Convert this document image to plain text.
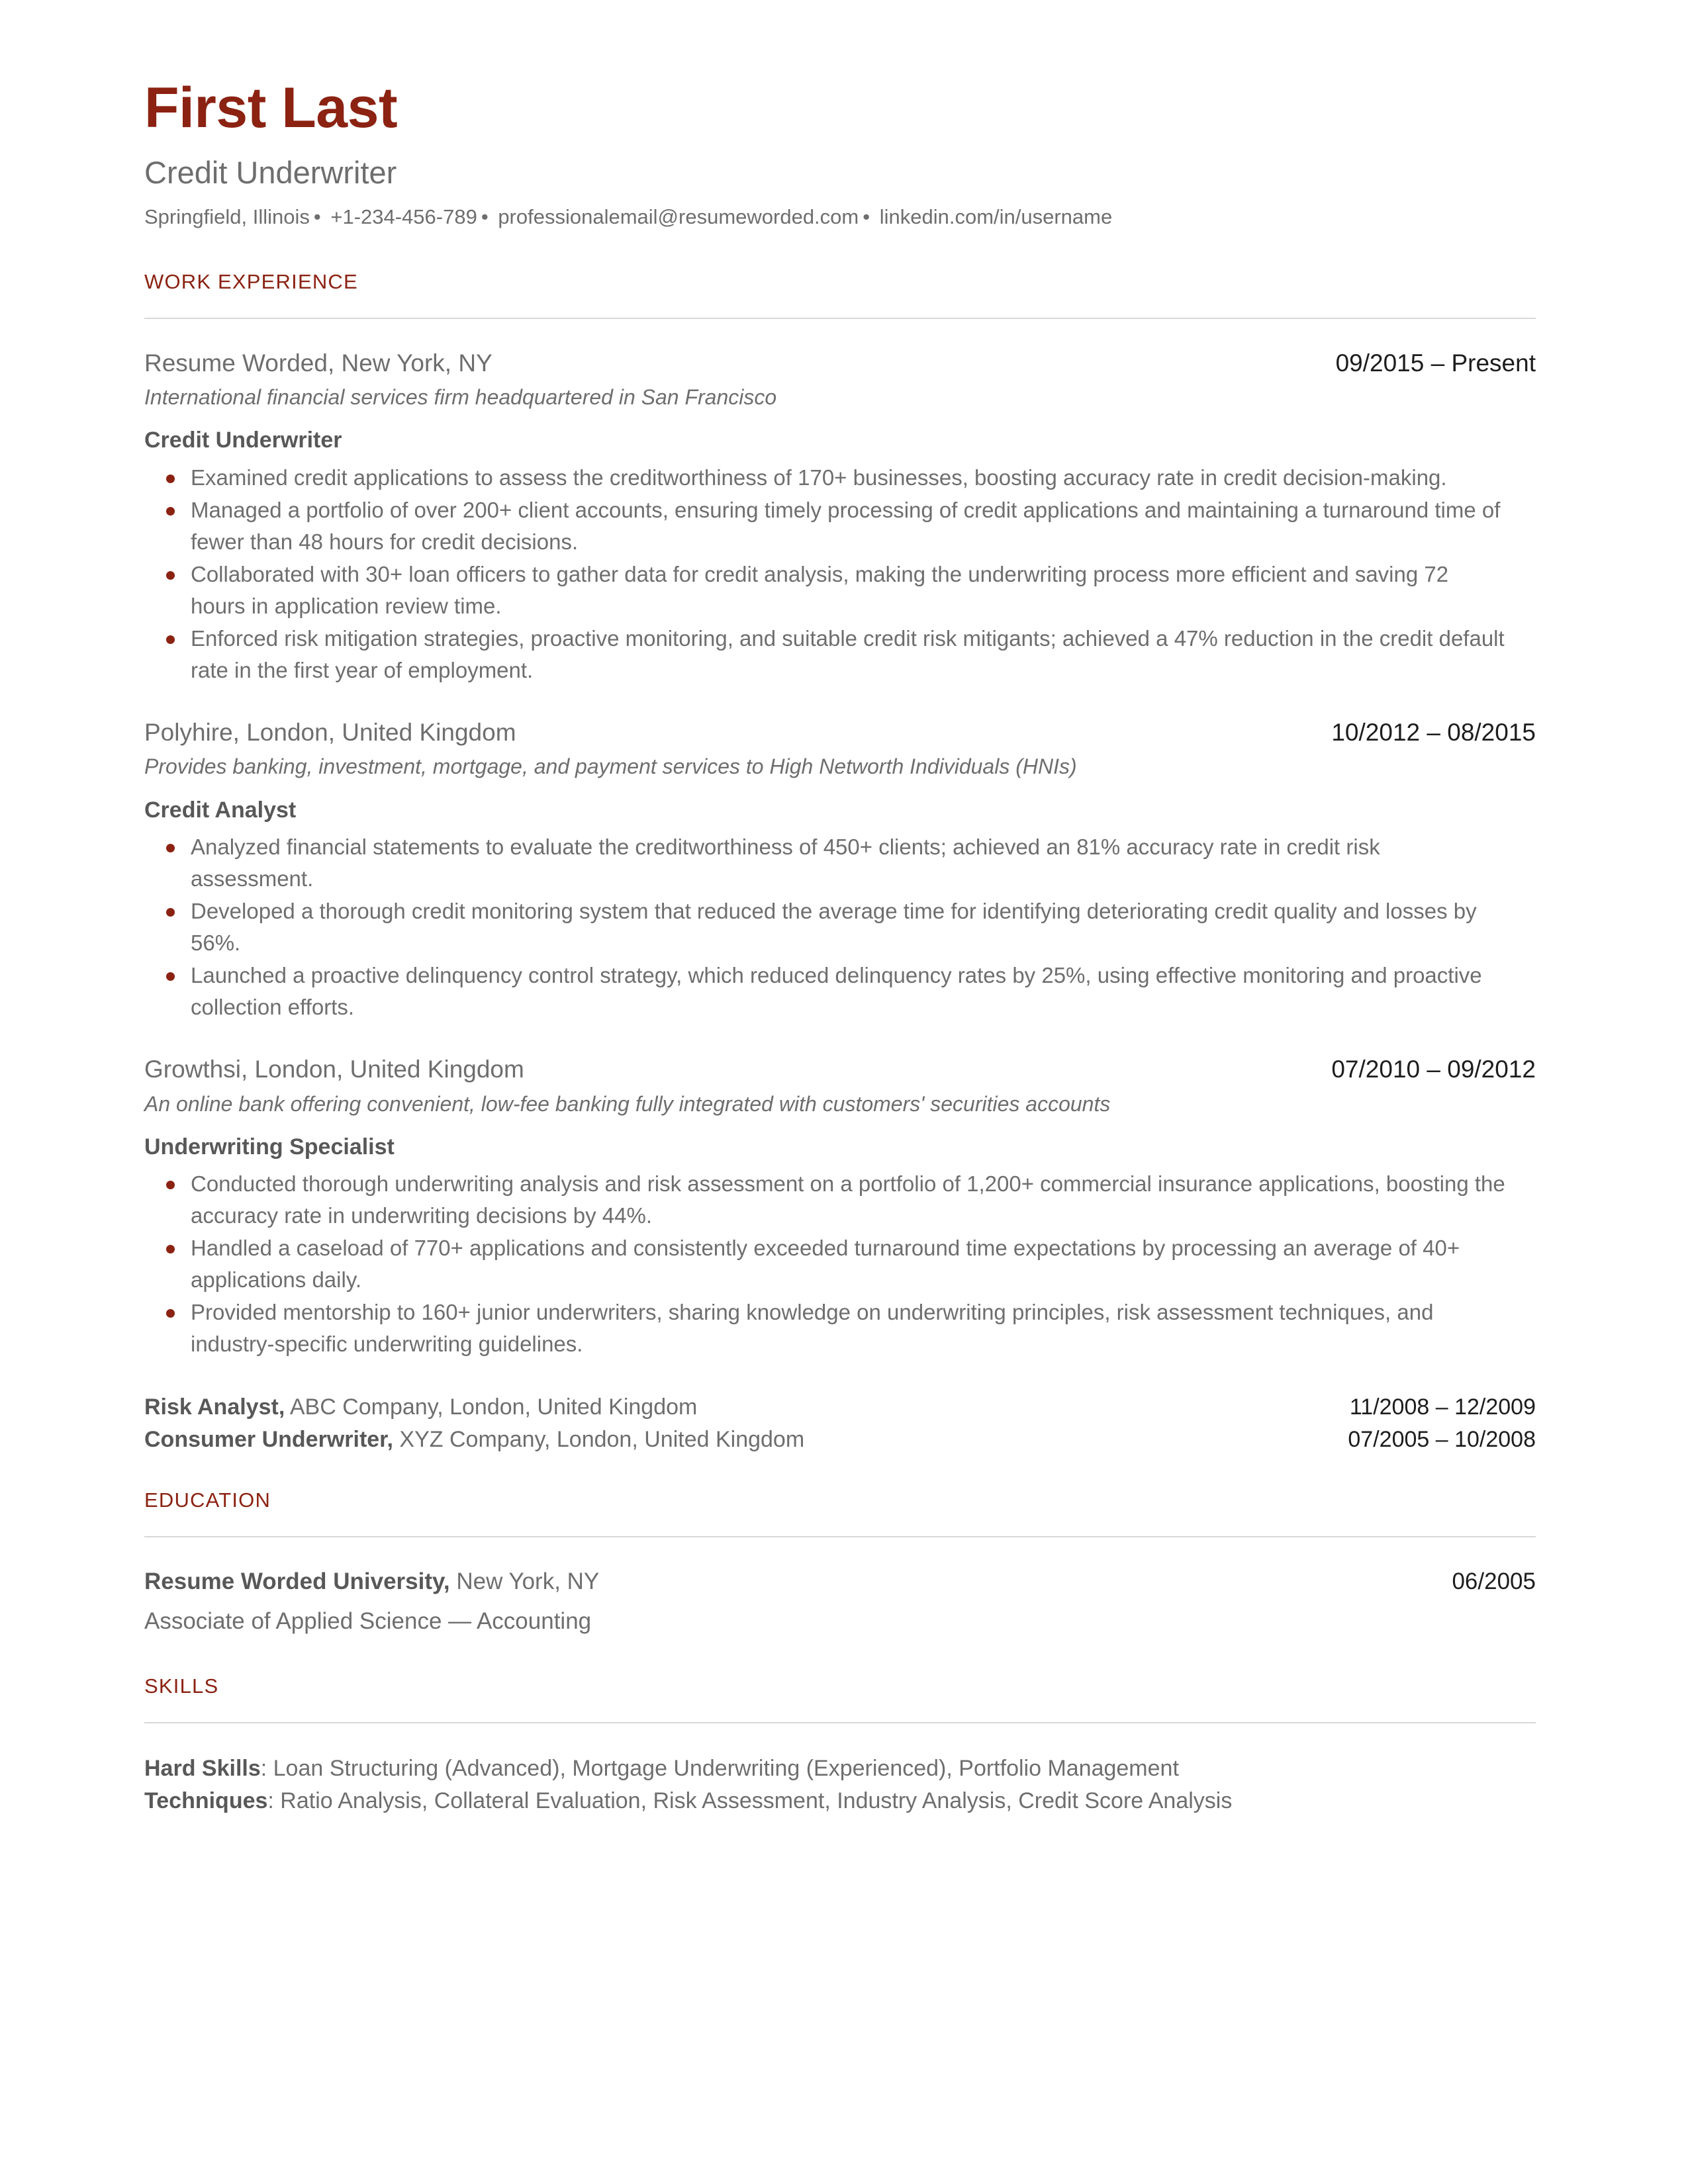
First Last
Credit Underwriter
Springfield, Illinois • +1-234-456-789 • professionalemail@resumeworded.com • linkedin.com/in/username
WORK EXPERIENCE
Resume Worded, New York, NY	09/2015 – Present
International financial services firm headquartered in San Francisco
Credit Underwriter
Examined credit applications to assess the creditworthiness of 170+ businesses, boosting accuracy rate in credit decision-making.
Managed a portfolio of over 200+ client accounts, ensuring timely processing of credit applications and maintaining a turnaround time of fewer than 48 hours for credit decisions.
Collaborated with 30+ loan officers to gather data for credit analysis, making the underwriting process more efficient and saving 72 hours in application review time.
Enforced risk mitigation strategies, proactive monitoring, and suitable credit risk mitigants; achieved a 47% reduction in the credit default rate in the first year of employment.
Polyhire, London, United Kingdom	10/2012 – 08/2015
Provides banking, investment, mortgage, and payment services to High Networth Individuals (HNIs)
Credit Analyst
Analyzed financial statements to evaluate the creditworthiness of 450+ clients; achieved an 81% accuracy rate in credit risk assessment.
Developed a thorough credit monitoring system that reduced the average time for identifying deteriorating credit quality and losses by 56%.
Launched a proactive delinquency control strategy, which reduced delinquency rates by 25%, using effective monitoring and proactive collection efforts.
Growthsi, London, United Kingdom	07/2010 – 09/2012
An online bank offering convenient, low-fee banking fully integrated with customers' securities accounts
Underwriting Specialist
Conducted thorough underwriting analysis and risk assessment on a portfolio of 1,200+ commercial insurance applications, boosting the accuracy rate in underwriting decisions by 44%.
Handled a caseload of 770+ applications and consistently exceeded turnaround time expectations by processing an average of 40+ applications daily.
Provided mentorship to 160+ junior underwriters, sharing knowledge on underwriting principles, risk assessment techniques, and industry-specific underwriting guidelines.
Risk Analyst, ABC Company, London, United Kingdom	11/2008 – 12/2009
Consumer Underwriter, XYZ Company, London, United Kingdom	07/2005 – 10/2008
EDUCATION
Resume Worded University, New York, NY	06/2005
Associate of Applied Science — Accounting
SKILLS
Hard Skills: Loan Structuring (Advanced), Mortgage Underwriting (Experienced), Portfolio Management
Techniques: Ratio Analysis, Collateral Evaluation, Risk Assessment, Industry Analysis, Credit Score Analysis
